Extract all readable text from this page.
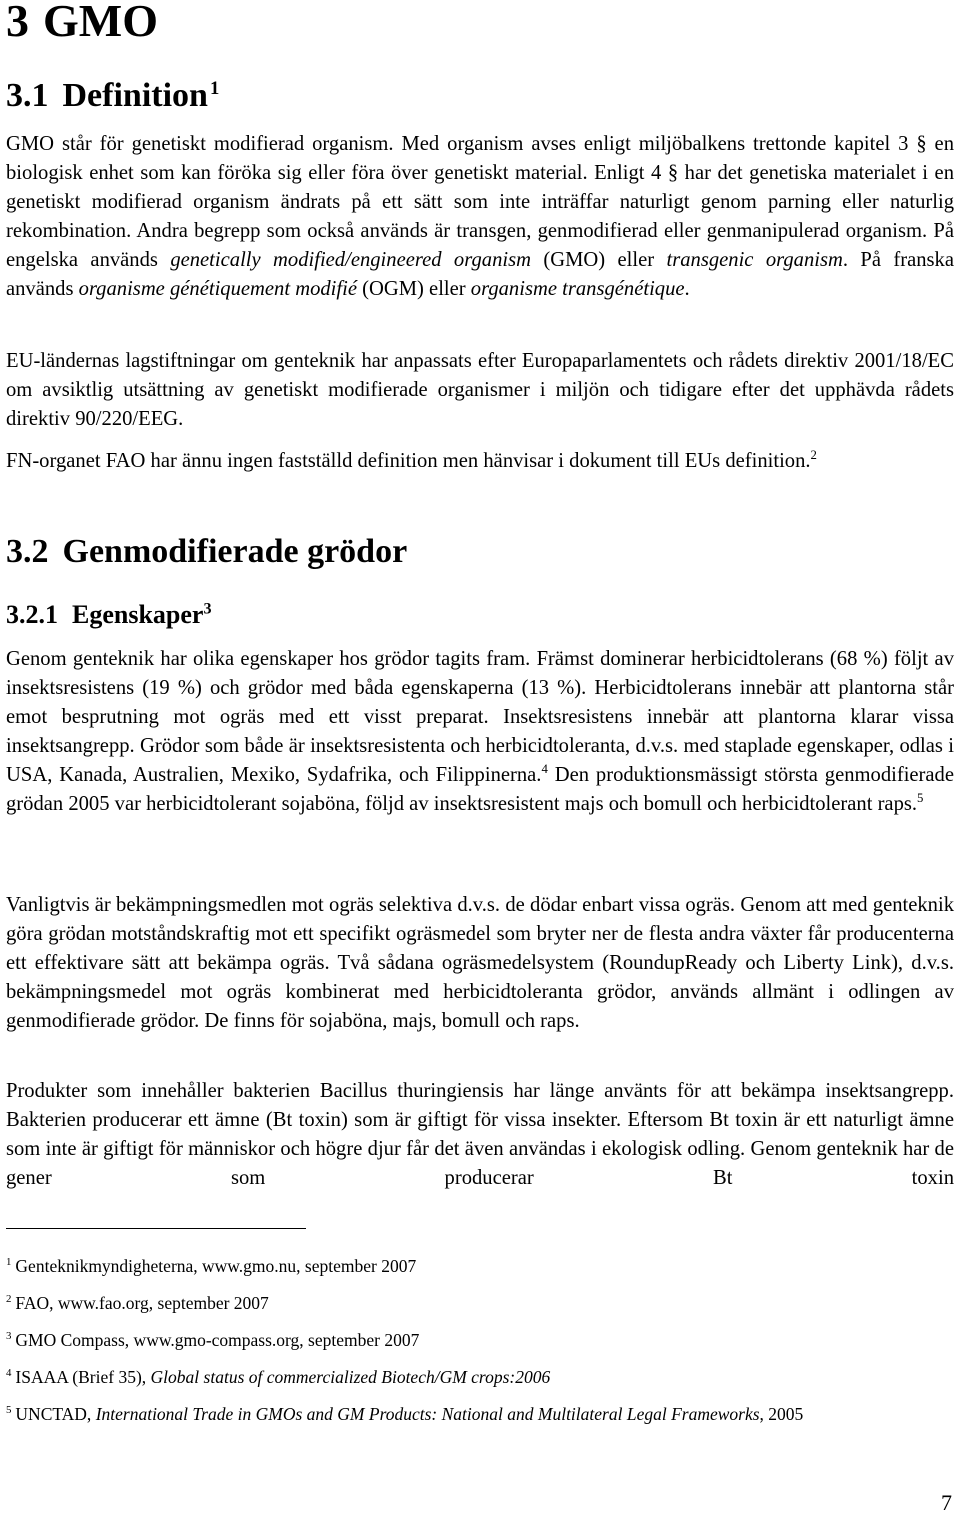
3 GMO
3.1 Definition $^1$
GMO står för genetiskt modifierad organism. Med organism avses enligt miljöbalkens trettonde kapitel 3 § en biologisk enhet som kan föröka sig eller föra över genetiskt material. Enligt 4 § har det genetiska materialet i en genetiskt modifierad organism ändrats på ett sätt som inte inträffar naturligt genom parning eller naturlig rekombination. Andra begrepp som också används är transgen, genmodifierad eller genmanipulerad organism. På engelska används genetically modified/engineered organism (GMO) eller transgenic organism. På franska används organisme génétiquement modifié (OGM) eller organisme transgénétique.
EU-ländernas lagstiftningar om genteknik har anpassats efter Europaparlamentets och rådets direktiv 2001/18/EC om avsiktlig utsättning av genetiskt modifierade organismer i miljön och tidigare efter det upphävda rådets direktiv 90/220/EEG.
FN-organet FAO har ännu ingen fastställd definition men hänvisar i dokument till EUs definition.$^2$
3.2 Genmodifierade grödor
3.2.1 Egenskaper$^3$
Genom genteknik har olika egenskaper hos grödor tagits fram. Främst dominerar herbicidtolerans (68 %) följt av insektsresistens (19 %) och grödor med båda egenskaperna (13 %). Herbicidtolerans innebär att plantorna står emot besprutning mot ogräs med ett visst preparat. Insektsresistens innebär att plantorna klarar vissa insektsangrepp. Grödor som både är insektsresistenta och herbicidtoleranta, d.v.s. med staplade egenskaper, odlas i USA, Kanada, Australien, Mexiko, Sydafrika, och Filippinerna.$^4$ Den produktionsmässigt största genmodifierade grödan 2005 var herbicidtolerant sojaböna, följd av insektsresistent majs och bomull och herbicidtolerant raps.$^5$
Vanligtvis är bekämpningsmedlen mot ogräs selektiva d.v.s. de dödar enbart vissa ogräs. Genom att med genteknik göra grödan motståndskraftig mot ett specifikt ogräsmedel som bryter ner de flesta andra växter får producenterna ett effektivare sätt att bekämpa ogräs. Två sådana ogräsmedelsystem (RoundupReady och Liberty Link), d.v.s. bekämpningsmedel mot ogräs kombinerat med herbicidtoleranta grödor, används allmänt i odlingen av genmodifierade grödor. De finns för sojaböna, majs, bomull och raps.
Produkter som innehåller bakterien Bacillus thuringiensis har länge använts för att bekämpa insektsangrepp. Bakterien producerar ett ämne (Bt toxin) som är giftigt för vissa insekter. Eftersom Bt toxin är ett naturligt ämne som inte är giftigt för människor och högre djur får det även användas i ekologisk odling. Genom genteknik har de gener som producerar Bt toxin
$^1$ Genteknikmyndigheterna, www.gmo.nu, september 2007
$^2$ FAO, www.fao.org, september 2007
$^3$ GMO Compass, www.gmo-compass.org, september 2007
$^4$ ISAAA (Brief 35), Global status of commercialized Biotech/GM crops:2006
$^5$ UNCTAD, International Trade in GMOs and GM Products: National and Multilateral Legal Frameworks, 2005
7
